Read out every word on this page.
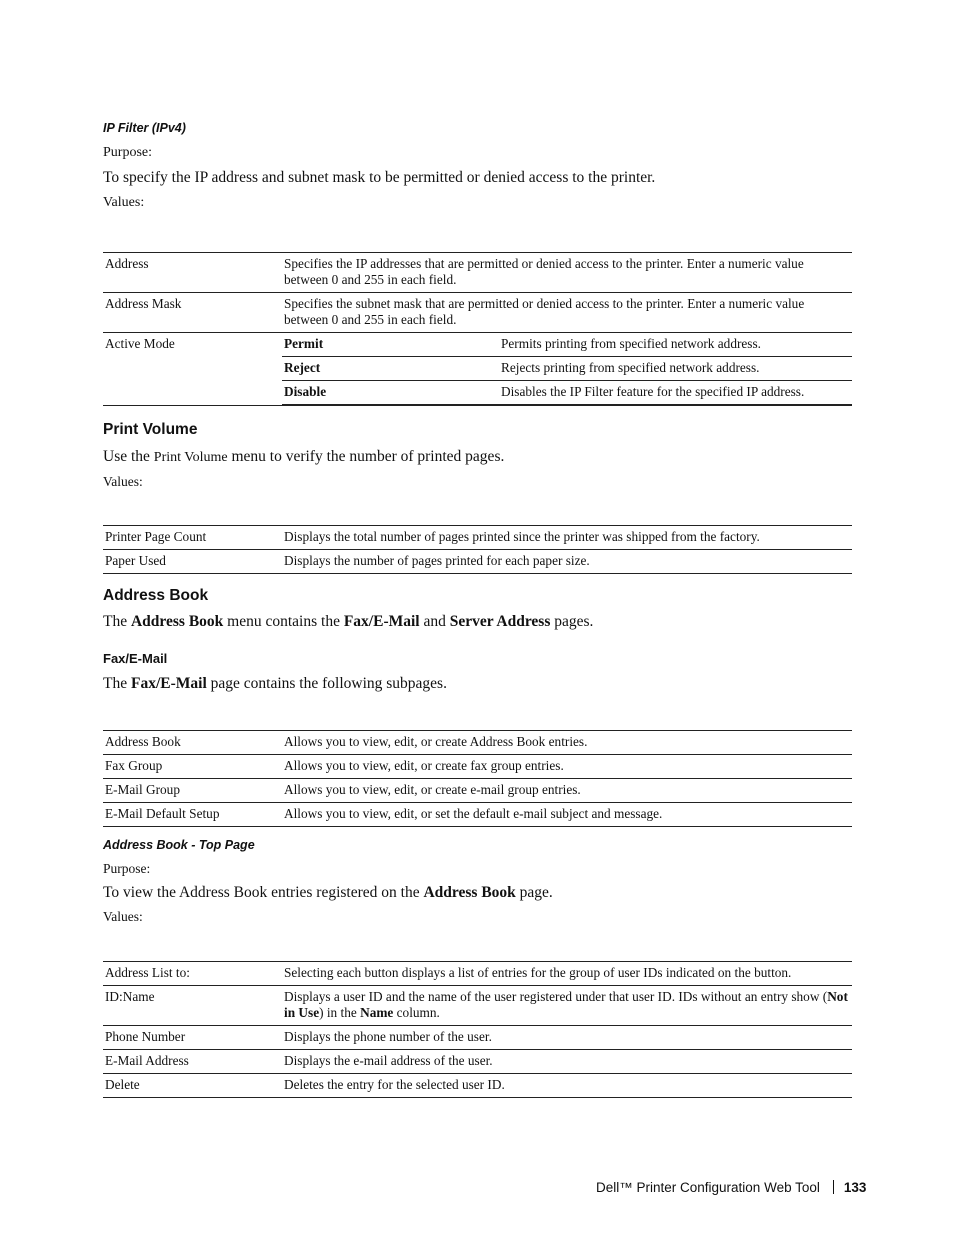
IP Filter (IPv4)
Purpose:
To specify the IP address and subnet mask to be permitted or denied access to the printer.
Values:
Address	Specifies the IP addresses that are permitted or denied access to the printer. Enter a numeric value between 0 and 255 in each field.
Address Mask	Specifies the subnet mask that are permitted or denied access to the printer. Enter a numeric value between 0 and 255 in each field.
Active Mode		Permit	Permits printing from specified network address.
Reject	Rejects printing from specified network address.
Disable	Disables the IP Filter feature for the specified IP address.
Print Volume
Use the Print Volume menu to verify the number of printed pages.
Values:
Printer Page Count	Displays the total number of pages printed since the printer was shipped from the factory.
Paper Used	Displays the number of pages printed for each paper size.
Address Book
The Address Book menu contains the Fax/E-Mail and Server Address pages.
Fax/E-Mail
The Fax/E-Mail page contains the following subpages.
Address Book	Allows you to view, edit, or create Address Book entries.
Fax Group	Allows you to view, edit, or create fax group entries.
E-Mail Group	Allows you to view, edit, or create e-mail group entries.
E-Mail Default Setup	Allows you to view, edit, or set the default e-mail subject and message.
Address Book - Top Page
Purpose:
To view the Address Book entries registered on the Address Book page.
Values:
Address List to:	Selecting each button displays a list of entries for the group of user IDs indicated on the button.
ID:Name	Displays a user ID and the name of the user registered under that user ID. IDs without an entry show (Not in Use) in the Name column.
Phone Number	Displays the phone number of the user.
E-Mail Address	Displays the e-mail address of the user.
Delete	Deletes the entry for the selected user ID.
Dell™ Printer Configuration Web Tool 133
